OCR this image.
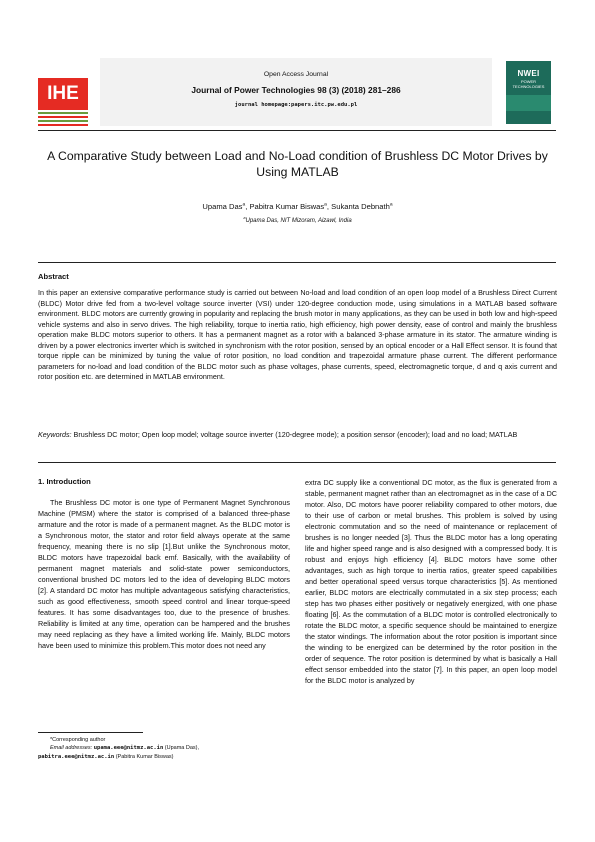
IHE
Open Access Journal
Journal of Power Technologies 98 (3) (2018) 281–286
journal homepage:papers.itc.pw.edu.pl
NWEI
POWER TECHNOLOGIES
A Comparative Study between Load and No-Load condition of Brushless DC Motor Drives by Using MATLAB
Upama Das$^a$, Pabitra Kumar Biswas$^a$, Sukanta Debnath$^a$
$^a$Upama Das, NIT Mizoram, Aizawl, India
Abstract
In this paper an extensive comparative performance study is carried out between No-load and load condition of an open loop model of a Brushless Direct Current (BLDC) Motor drive fed from a two-level voltage source inverter (VSI) under 120-degree conduction mode, using simulations in a MATLAB based software environment. BLDC motors are currently growing in popularity and replacing the brush motor in many applications, as they can be used in both low and high-speed vehicle systems and also in servo drives. The high reliability, torque to inertia ratio, high efficiency, high power density, ease of control and mainly the brushless operation make BLDC motors superior to others. It has a permanent magnet as a rotor with a balanced 3-phase armature in its stator. The armature winding is driven by a power electronics inverter which is switched in synchronism with the rotor position, sensed by an optical encoder or a Hall Effect sensor. It is found that torque ripple can be minimized by tuning the value of rotor position, no load condition and trapezoidal armature phase current. The different performance parameters for no-load and load condition of the BLDC motor such as phase voltages, phase currents, speed, electromagnetic torque, d and q axis current and rotor position etc. are determined in MATLAB environment.
Keywords: Brushless DC motor; Open loop model; voltage source inverter (120-degree mode); a position sensor (encoder); load and no load; MATLAB
1. Introduction
The Brushless DC motor is one type of Permanent Magnet Synchronous Machine (PMSM) where the stator is comprised of a balanced three-phase armature and the rotor is made of a permanent magnet. As the BLDC motor is a Synchronous motor, the stator and rotor field always operate at the same frequency, meaning there is no slip [1].But unlike the Synchronous motor, BLDC motors have trapezoidal back emf. Basically, with the availability of permanent magnet materials and solid-state power semiconductors, conventional brushed DC motors led to the idea of developing BLDC motors [2]. A standard DC motor has multiple advantageous satisfying characteristics, such as good effectiveness, smooth speed control and linear torque-speed features. It has some disadvantages too, due to the presence of brushes. Reliability is limited at any time, operation can be hampered and the brushes may need replacing as they have a limited working life. Mainly, BLDC motors have been used to minimize this problem.This motor does not need any
extra DC supply like a conventional DC motor, as the flux is generated from a stable, permanent magnet rather than an electromagnet as in the case of a DC motor. Also, DC motors have poorer reliability compared to other motors, due to their use of carbon or metal brushes. This problem is solved by using electronic commutation and so the need of maintenance or replacement of brushes is no longer needed [3]. Thus the BLDC motor has a long operating life and higher speed range and is also designed with a compressed body. It is robust and enjoys high efficiency [4]. BLDC motors have some other advantages, such as high torque to inertia ratios, greater speed capabilities and better operational speed versus torque characteristics [5]. As mentioned earlier, BLDC motors are electrically commutated in a six step process; each step has two phases either positively or negatively energized, with one phase floating [6]. As the commutation of a BLDC motor is controlled electronically to rotate the BLDC motor, a specific sequence should be maintained to energize the stator windings. The information about the rotor position is important since the winding to be energized can be determined by the rotor position in the order of sequence. The rotor position is determined by what is basically a Hall effect sensor embedded into the stator [7]. In this paper, an open loop model for the BLDC motor is analyzed by
*Corresponding author
Email addresses: upama.eee@nitmz.ac.in (Upama Das),
pabitra.eee@nitmz.ac.in (Pabitra Kumar Biswas)
